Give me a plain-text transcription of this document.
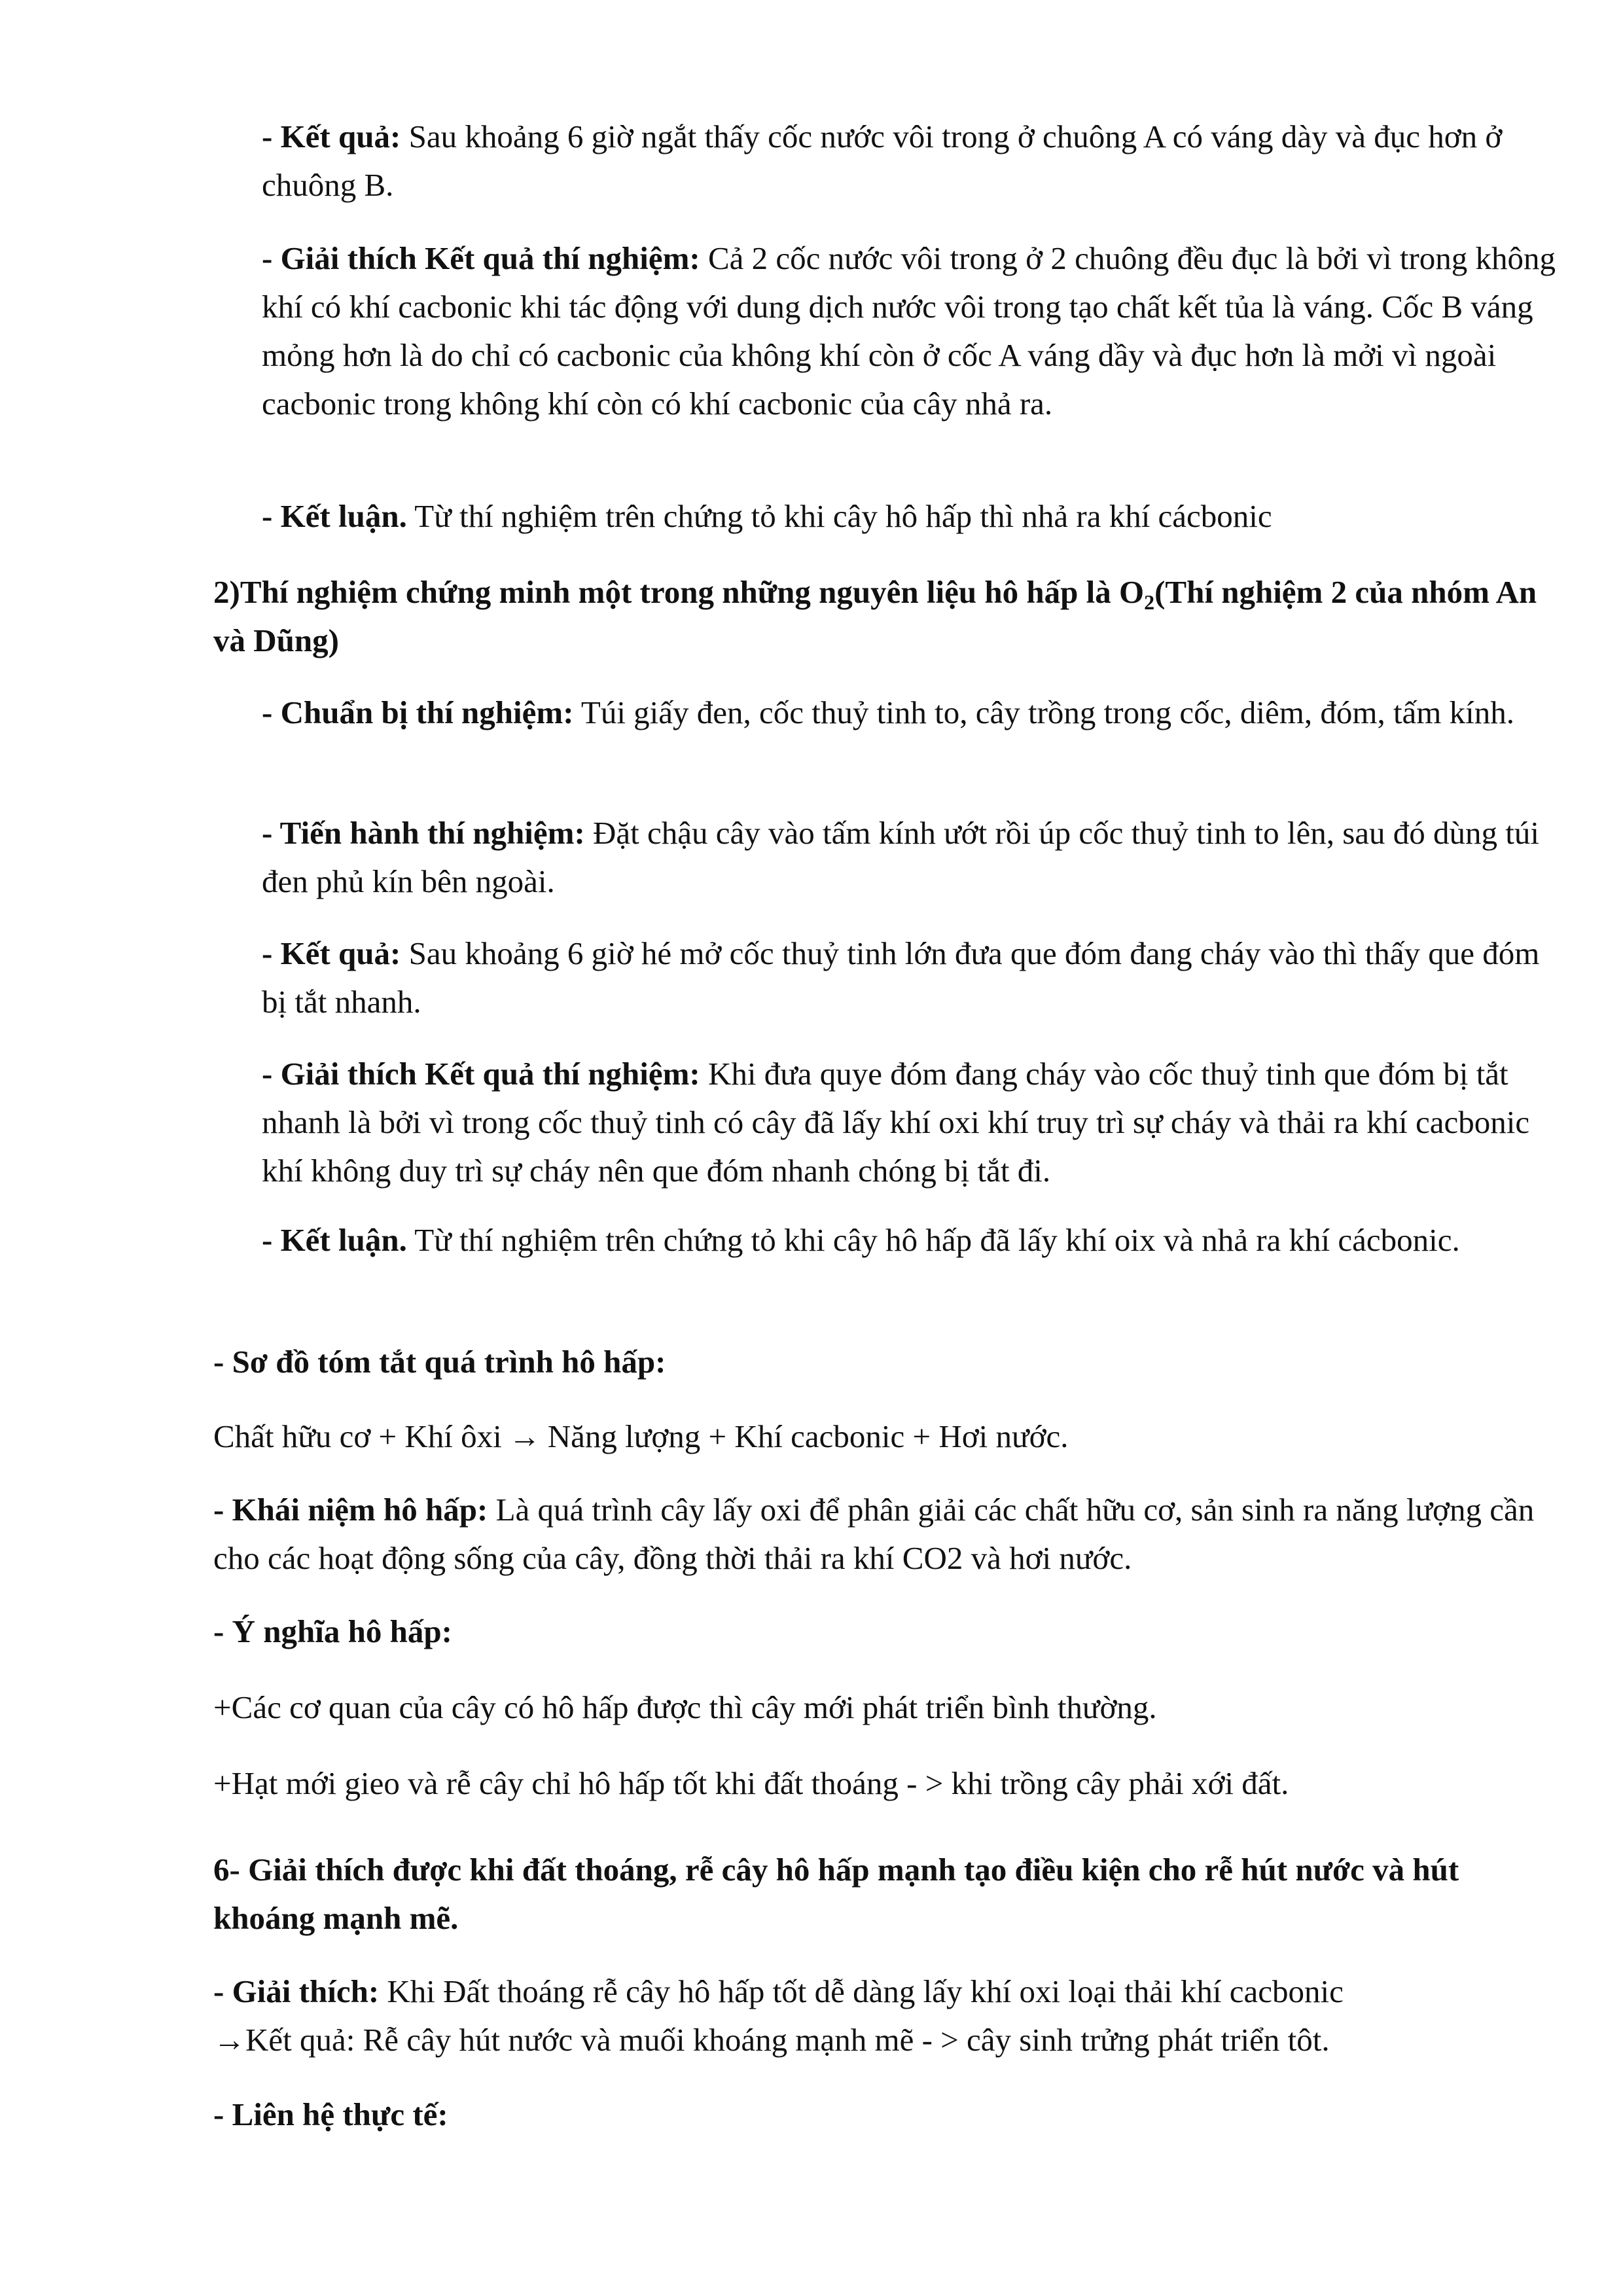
- Kết quả: Sau khoảng 6 giờ ngắt thấy cốc nước vôi trong ở chuông A có váng dày và đục hơn ở chuông B.

- Giải thích Kết quả thí nghiệm: Cả 2 cốc nước vôi trong ở 2 chuông đều đục là bởi vì trong không khí có khí cacbonic khi tác động với dung dịch nước vôi trong tạo chất kết tủa là váng. Cốc B váng mỏng hơn là do chỉ có cacbonic của không khí còn ở cốc A váng dầy và đục hơn là mởi vì ngoài cacbonic trong không khí còn có khí cacbonic của cây nhả ra.

- Kết luận. Từ thí nghiệm trên chứng tỏ khi cây hô hấp thì nhả ra khí cácbonic

2)Thí nghiệm chứng minh một trong những nguyên liệu hô hấp là $O_2(Thí$ nghiệm 2 của nhóm An và Dũng)

- Chuẩn bị thí nghiệm: Túi giấy đen, cốc thuỷ tinh to, cây trồng trong cốc, diêm, đóm, tấm kính.

- Tiến hành thí nghiệm: Đặt chậu cây vào tấm kính ướt rồi úp cốc thuỷ tinh to lên, sau đó dùng túi đen phủ kín bên ngoài.

- Kết quả: Sau khoảng 6 giờ hé mở cốc thuỷ tinh lớn đưa que đóm đang cháy vào thì thấy que đóm bị tắt nhanh.

- Giải thích Kết quả thí nghiệm: Khi đưa quye đóm đang cháy vào cốc thuỷ tinh que đóm bị tắt nhanh là bởi vì trong cốc thuỷ tinh có cây đã lấy khí oxi khí truy trì sự cháy và thải ra khí cacbonic khí không duy trì sự cháy nên que đóm nhanh chóng bị tắt đi.

- Kết luận. Từ thí nghiệm trên chứng tỏ khi cây hô hấp đã lấy khí oix và nhả ra khí cácbonic.

- Sơ đồ tóm tắt quá trình hô hấp:

Chất hữu cơ + Khí ôxi → Năng lượng + Khí cacbonic + Hơi nước.

- Khái niệm hô hấp: Là quá trình cây lấy oxi để phân giải các chất hữu cơ, sản sinh ra năng lượng cần cho các hoạt động sống của cây, đồng thời thải ra khí CO2 và hơi nước.

- Ý nghĩa hô hấp:

+Các cơ quan của cây có hô hấp được thì cây mới phát triển bình thường.

+Hạt mới gieo và rễ cây chỉ hô hấp tốt khi đất thoáng - > khi trồng cây phải xới đất.

6- Giải thích được khi đất thoáng, rễ cây hô hấp mạnh tạo điều kiện cho rễ hút nước và hút khoáng mạnh mẽ.

- Giải thích: Khi Đất thoáng rễ cây hô hấp tốt dễ dàng lấy khí oxi loại thải khí cacbonic

→Kết quả: Rễ cây hút nước và muối khoáng mạnh mẽ - > cây sinh trửng phát triển tôt.

- Liên hệ thực tế:
